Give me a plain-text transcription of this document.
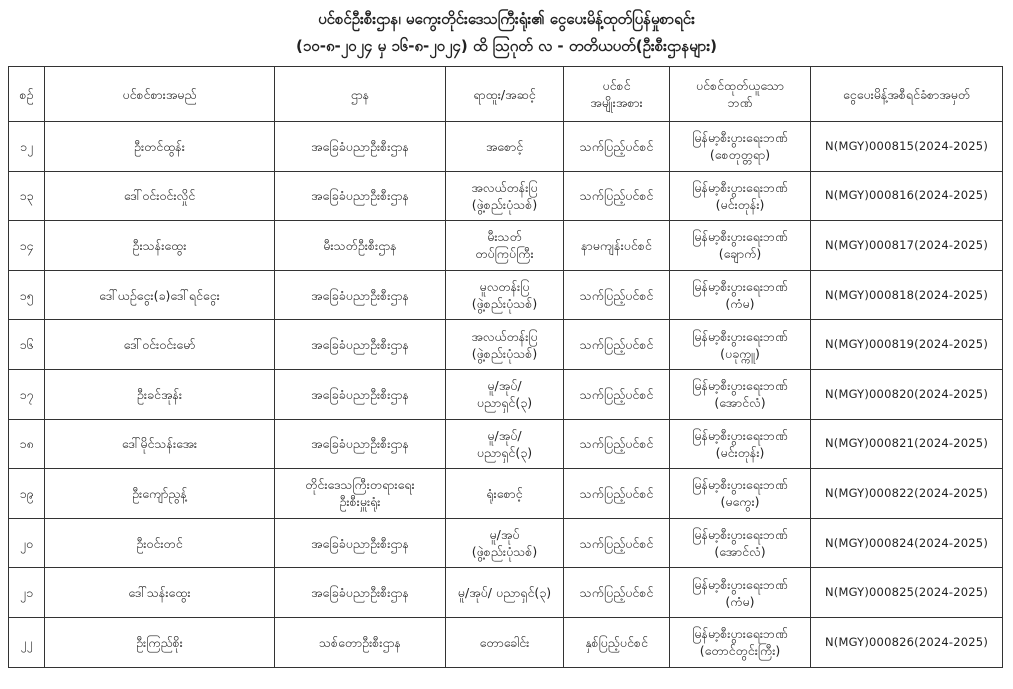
ပင်စင်ဦးစီးဌာန၊ မကွေးတိုင်းဒေသကြီးရုံး၏ ငွေပေးမိန့်ထုတ်ပြန်မှုစာရင်း
(၁၀-၈-၂၀၂၄ မှ ၁၆-၈-၂၀၂၄) ထိ ဩဂုတ် လ - တတိယပတ်(ဦးစီးဌာနများ)
စဉ်	ပင်စင်စားအမည်	ဌာန	ရာထူး/အဆင့်	ပင်စင်
အမျိုးအစား	ပင်စင်ထုတ်ယူသော
ဘဏ်	ငွေပေးမိန့်အစီရင်ခံစာအမှတ်

၁၂	ဦးတင်ထွန်း	အခြေခံပညာဦးစီးဌာန	အစောင့်	သက်ပြည့်ပင်စင်	မြန်မာ့စီးပွားရေးဘဏ်
(စေတုတ္တရာ)	N(MGY)000815(2024-2025)

၁၃	ဒေါ်ဝင်းဝင်းလှိုင်	အခြေခံပညာဦးစီးဌာန	အလယ်တန်းပြ
(ဖွဲ့စည်းပုံသစ်)	သက်ပြည့်ပင်စင်	မြန်မာ့စီးပွားရေးဘဏ်
(မင်းတုန်း)	N(MGY)000816(2024-2025)

၁၄	ဦးသန်းထွေး	မီးသတ်ဦးစီးဌာန	မီးသတ်
တပ်ကြပ်ကြီး	နာမကျန်းပင်စင်	မြန်မာ့စီးပွားရေးဘဏ်
(ချောက်)	N(MGY)000817(2024-2025)

၁၅	ဒေါ်ယဉ်ငွေး(ခ)ဒေါ်ရင်ငွေး	အခြေခံပညာဦးစီးဌာန	မူလတန်းပြ
(ဖွဲ့စည်းပုံသစ်)	သက်ပြည့်ပင်စင်	မြန်မာ့စီးပွားရေးဘဏ်
(ကံမ)	N(MGY)000818(2024-2025)

၁၆	ဒေါ်ဝင်းဝင်းမော်	အခြေခံပညာဦးစီးဌာန	အလယ်တန်းပြ
(ဖွဲ့စည်းပုံသစ်)	သက်ပြည့်ပင်စင်	မြန်မာ့စီးပွားရေးဘဏ်
(ပခုက္ကူ)	N(MGY)000819(2024-2025)

၁၇	ဦးခင်အုန်း	အခြေခံပညာဦးစီးဌာန	မူ/အုပ်/
ပညာရှင်(၃)	သက်ပြည့်ပင်စင်	မြန်မာ့စီးပွားရေးဘဏ်
(အောင်လံ)	N(MGY)000820(2024-2025)

၁၈	ဒေါ်မိုင်သန်းအေး	အခြေခံပညာဦးစီးဌာန	မူ/အုပ်/
ပညာရှင်(၃)	သက်ပြည့်ပင်စင်	မြန်မာ့စီးပွားရေးဘဏ်
(မင်းတုန်း)	N(MGY)000821(2024-2025)

၁၉	ဦးကျော်ညွန့်	တိုင်းဒေသကြီးတရားရေး
ဦးစီးမှူးရုံး	ရုံးစောင့်	သက်ပြည့်ပင်စင်	မြန်မာ့စီးပွားရေးဘဏ်
(မကွေး)	N(MGY)000822(2024-2025)

၂၀	ဦးဝင်းတင်	အခြေခံပညာဦးစီးဌာန	မူ/အုပ်
(ဖွဲ့စည်းပုံသစ်)	သက်ပြည့်ပင်စင်	မြန်မာ့စီးပွားရေးဘဏ်
(အောင်လံ)	N(MGY)000824(2024-2025)

၂၁	ဒေါ်သန်းထွေး	အခြေခံပညာဦးစီးဌာန	မူ/အုပ်/ ပညာရှင်(၃)	သက်ပြည့်ပင်စင်	မြန်မာ့စီးပွားရေးဘဏ်
(ကံမ)	N(MGY)000825(2024-2025)

၂၂	ဦးကြည်စိုး	သစ်တောဦးစီးဌာန	တောခေါင်း	နှစ်ပြည့်ပင်စင်	မြန်မာ့စီးပွားရေးဘဏ်
(တောင်တွင်းကြီး)	N(MGY)000826(2024-2025)
